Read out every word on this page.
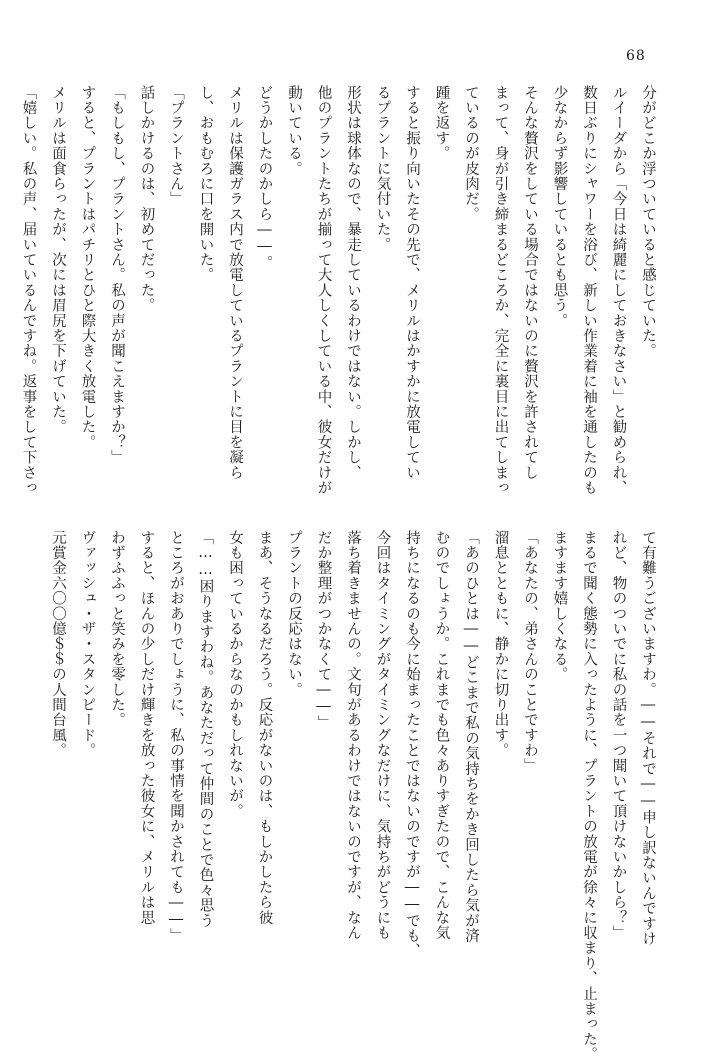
68
分がどこか浮ついていると感じていた。
ルイーダから「今日は綺麗にしておきなさい」と勧められ、
数日ぶりにシャワーを浴び、新しい作業着に袖を通したのも
少なからず影響しているとも思う。
そんな贅沢をしている場合ではないのに贅沢を許されてし
まって、身が引き締まるどころか、完全に裏目に出てしまっ
ているのが皮肉だ。
踵を返す。
すると振り向いたその先で、メリルはかすかに放電してい
るプラントに気付いた。
形状は球体なので、暴走しているわけではない。しかし、
他のプラントたちが揃って大人しくしている中、彼女だけが
動いている。
どうかしたのかしら――。
メリルは保護ガラス内で放電しているプラントに目を凝ら
し、おもむろに口を開いた。
「プラントさん」
話しかけるのは、初めてだった。
「もしもし、プラントさん。私の声が聞こえますか？」
すると、プラントはパチリとひと際大きく放電した。
メリルは面食らったが、次には眉尻を下げていた。
「嬉しい。私の声、届いているんですね。返事をして下さっ
て有難うございますわ。――それで――申し訳ないんですけ
れど、物のついでに私の話を一つ聞いて頂けないかしら？」
まるで聞く態勢に入ったように、プラントの放電が徐々に収まり、止まった。
ますます嬉しくなる。
「あなたの、弟さんのことですわ」
溜息とともに、静かに切り出す。
「あのひとは――どこまで私の気持ちをかき回したら気が済
むのでしょうか。これまでも色々ありすぎたので、こんな気
持ちになるのも今に始まったことではないのですが――でも、
今回はタイミングがタイミングなだけに、気持ちがどうにも
落ち着きませんの。文句があるわけではないのですが、なん
だか整理がつかなくて――」
プラントの反応はない。
まあ、そうなるだろう。反応がないのは、もしかしたら彼
女も困っているからなのかもしれないが。
「……困りますわね。あなただって仲間のことで色々思う
ところがおありでしょうに、私の事情を聞かされても――」
すると、ほんの少しだけ輝きを放った彼女に、メリルは思
わずふふっと笑みを零した。
ヴァッシュ・ザ・スタンピード。
元賞金六〇〇億＄＄の人間台風。
